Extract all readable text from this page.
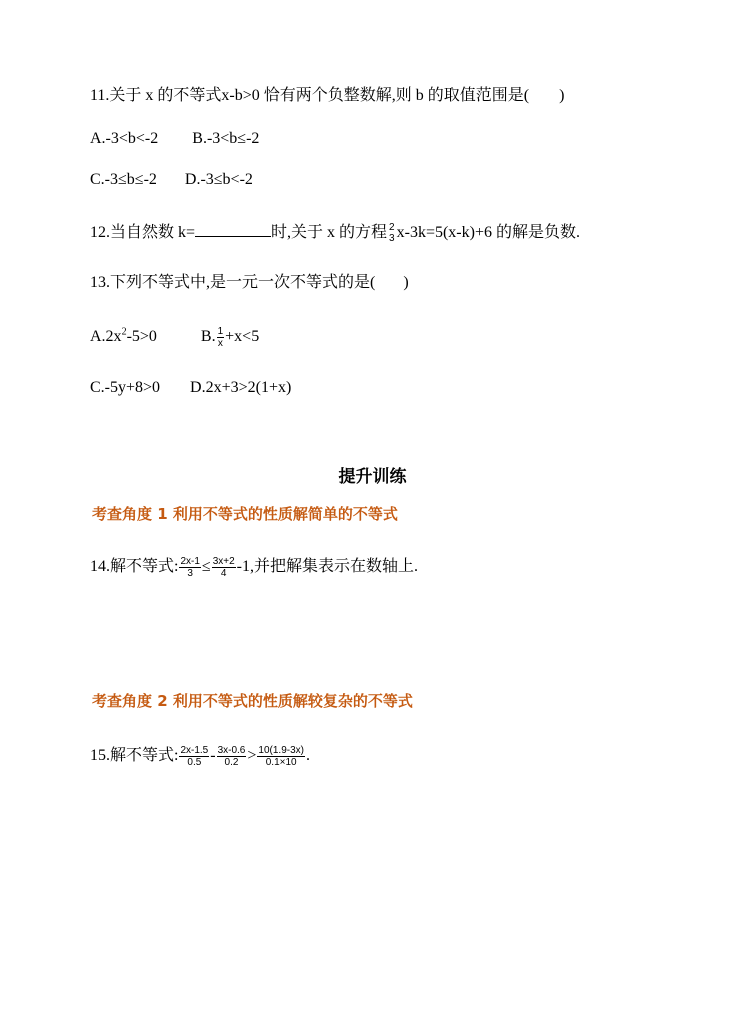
11.关于 x 的不等式x-b>0 恰有两个负整数解,则 b 的取值范围是( )
A.-3<b<-2 B.-3<b≤-2
C.-3≤b≤-2 D.-3≤b<-2
12.当自然数 k=	时,关于 x 的方程 2
3 x-3k=5(x-k)+6 的解是负数.
13.下列不等式中,是一元一次不等式的是( )
$A.2x^2-5>0$	B. $\frac{1}{x} +x<5$
C.-5y+8>0 D.2x+3>2(1+x)
提升训练
考查角度 1 利用不等式的性质解简单的不等式
14.解不等式: $\frac{2x-1}{3} \le \frac{3x+2}{4} -1$,并把解集表示在数轴上.
考查角度 2 利用不等式的性质解较复杂的不等式
15.解不等式: $\frac{2x-1.5}{0.5} - \frac{3x-0.6}{0.2} > \frac{10(1.9-3x)}{0.1\times 10}$ .
